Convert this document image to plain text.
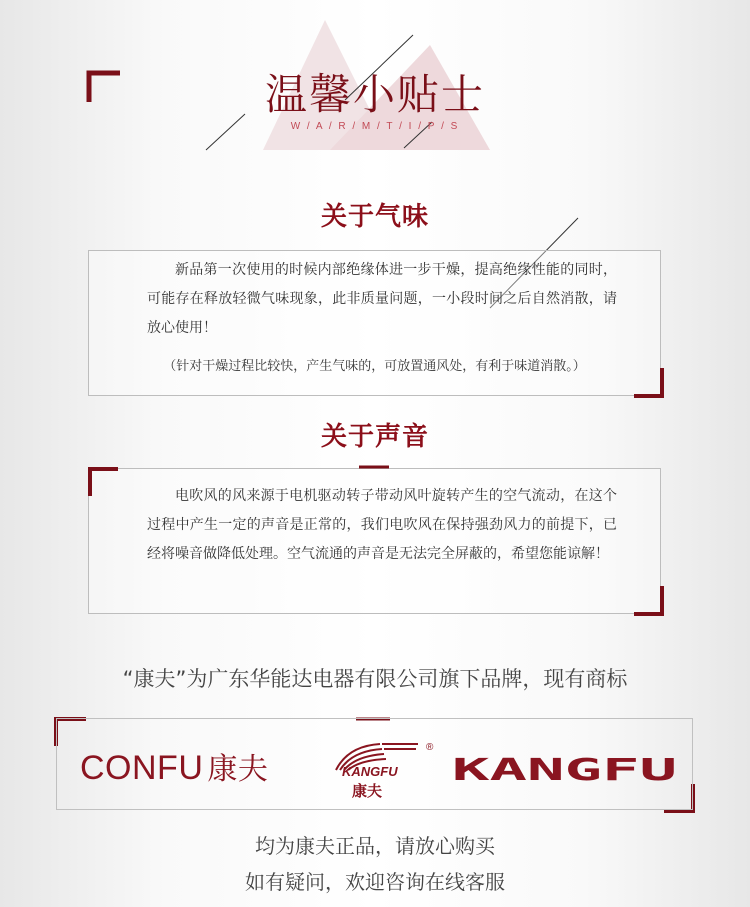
温馨小贴士
W / A / R / M / T / I / P / S
关于气味

新品第一次使用的时候内部绝缘体进一步干燥，提高绝缘性能的同时，可能存在释放轻微气味现象，此非质量问题，一小段时间之后自然消散，请放心使用！

（针对干燥过程比较快，产生气味的，可放置通风处，有利于味道消散。）
关于声音

电吹风的风来源于电机驱动转子带动风叶旋转产生的空气流动，在这个过程中产生一定的声音是正常的，我们电吹风在保持强劲风力的前提下，已经将噪音做降低处理。空气流通的声音是无法完全屏蔽的，希望您能谅解！

“康夫”为广东华能达电器有限公司旗下品牌，现有商标
CONFU 康夫	KANGFU
®
康夫
KANGFU
均为康夫正品，请放心购买
如有疑问，欢迎咨询在线客服
